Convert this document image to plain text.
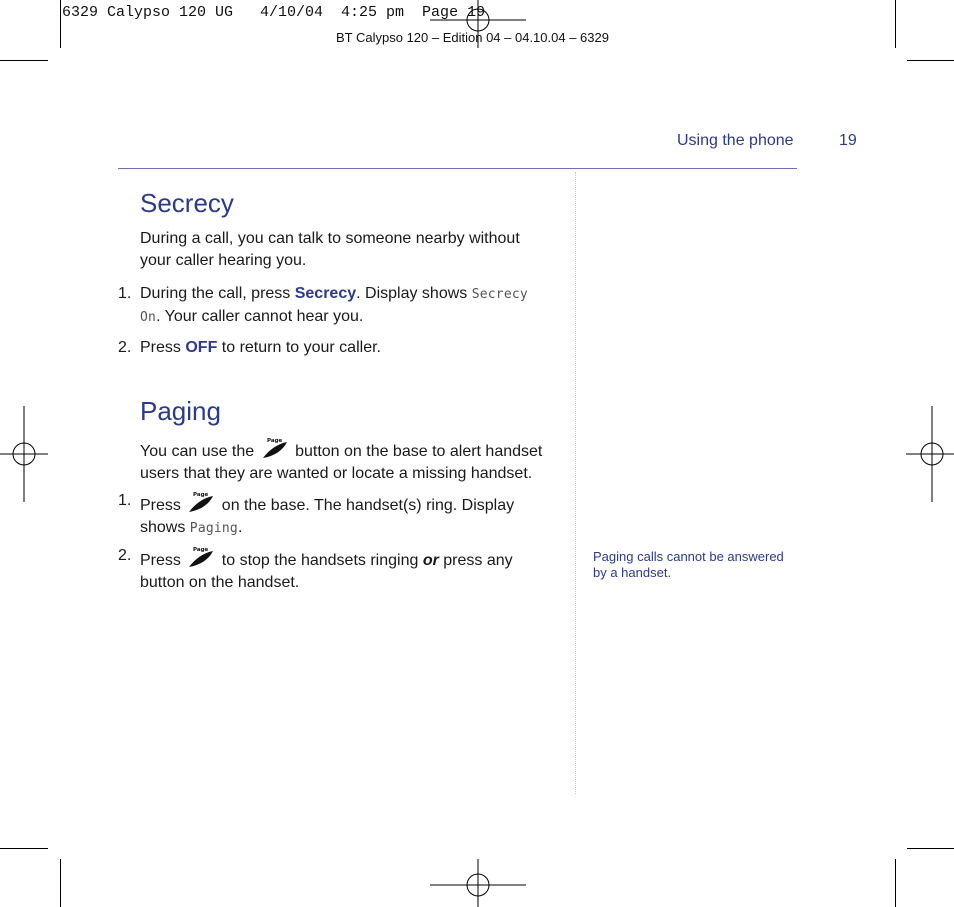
6329 Calypso 120 UG   4/10/04  4:25 pm  Page 19
BT Calypso 120 – Edition 04 – 04.10.04 – 6329
Using the phone	19
Secrecy

During a call, you can talk to someone nearby without
your caller hearing you.

1. During the call, press Secrecy. Display shows Secrecy
On. Your caller cannot hear you.

2. Press OFF to return to your caller.

Paging

You can use the
Page
button on the base to alert handset
users that they are wanted or locate a missing handset.

1. Press
Page
on the base. The handset(s) ring. Display
shows Paging.

2. Press
Page
to stop the handsets ringing or press any
button on the handset.

Paging calls cannot be answered
by a handset.
